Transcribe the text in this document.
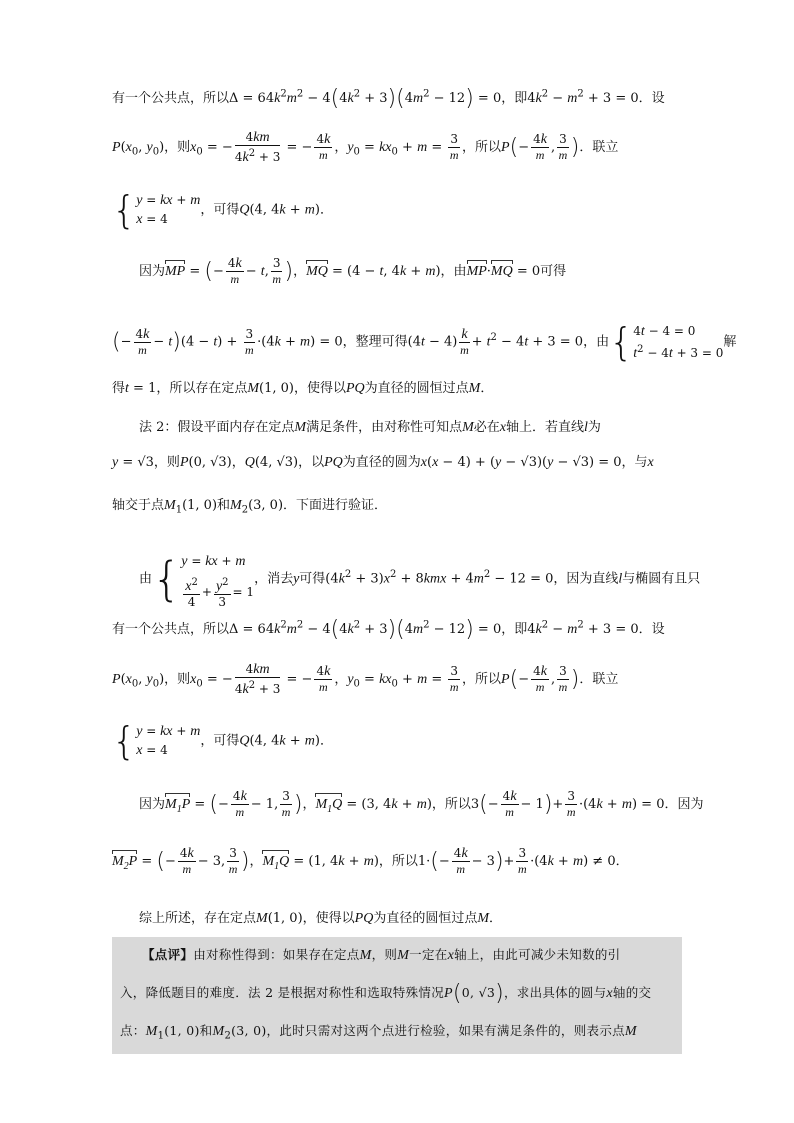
有一个公共点，所以$\Delta = 64k^2m^2 - 4(4k^2 + 3)(4m^2 - 12) = 0$，即$4k^2 - m^2 + 3 = 0$．设
$P(x_0$, $y_0$)，则$x_0$ = − $\frac{4km}{4k^2 + 3}$ = − $\frac{4k}{m}$ ，$y_0 = kx_0 + m = \frac{3}{m}$ ，所以$P(- \frac{4k}{m}$ , $\frac{3}{m}$ )．联立
{ y = kx + m
x = 4
，可得Q(4, 4k + m)．
因为MP = (− $\frac{4k}{m} - t$, $\frac{3}{m}$ )，MQ = (4 − t, 4k + m)，由MP·MQ = 0可得
(− $\frac{4k}{m} - t)(4 - t) + \frac{3}{m} \cdot(4k + m) = 0$，整理可得$(4t - 4) \frac{k}{m} + t^2 - 4t + 3 = 0$，由{ 4t − 4 = 0
$t^2 - 4t + 3 = 0$
解
得t = 1，所以存在定点M(1, 0)，使得以PQ为直径的圆恒过点M．
法 2：假设平面内存在定点M满足条件，由对称性可知点M必在x轴上．若直线l为
y = √3，则P(0, √3)，Q(4, √3)，以PQ为直径的圆为x(x − 4) + (y − √3)(y − √3) = 0，与x
轴交于点$M_1(1$, 0)和$M_2(3$, 0)．下面进行验证．
由{ y = kx + m
$\frac{x^2}{4} + \frac{y^2}{3} = 1$
，消去y可得$(4k^2 + 3)x^2 + 8kmx + 4m^2 - 12 = 0$，因为直线l与椭圆有且只
有一个公共点，所以$\Delta = 64k^2m^2 - 4(4k^2 + 3)(4m^2 - 12) = 0$，即$4k^2 - m^2 + 3 = 0$．设
$P(x_0$, $y_0$)，则$x_0$ = − $\frac{4km}{4k^2 + 3}$ = − $\frac{4k}{m}$ ，$y_0 = kx_0 + m = \frac{3}{m}$ ，所以$P(- \frac{4k}{m}$ , $\frac{3}{m}$ )．联立
{ y = kx + m
x = 4
，可得Q(4, 4k + m)．
因为$M_1P$ = (− $\frac{4k}{m} - 1$, $\frac{3}{m}$ )，$M_1Q = (3$, 4k + m)，所以$3(- \frac{4k}{m} - 1)+ \frac{3}{m} \cdot(4k + m) = 0$．因为
$M_2P$ = (− $\frac{4k}{m} - 3$, $\frac{3}{m}$ )，$M_1Q = (1$, 4k + m)，所以$1\cdot(- \frac{4k}{m} - 3)+ \frac{3}{m} \cdot(4k + m) \ne 0$．
综上所述，存在定点M(1, 0)，使得以PQ为直径的圆恒过点M．
【点评】由对称性得到：如果存在定点M，则M一定在x轴上，由此可减少未知数的引
入，降低题目的难度．法 2 是根据对称性和选取特殊情况P(0, √3)，求出具体的圆与x轴的交
点：$M_1(1$, 0)和$M_2(3$, 0)，此时只需对这两个点进行检验，如果有满足条件的，则表示点M
